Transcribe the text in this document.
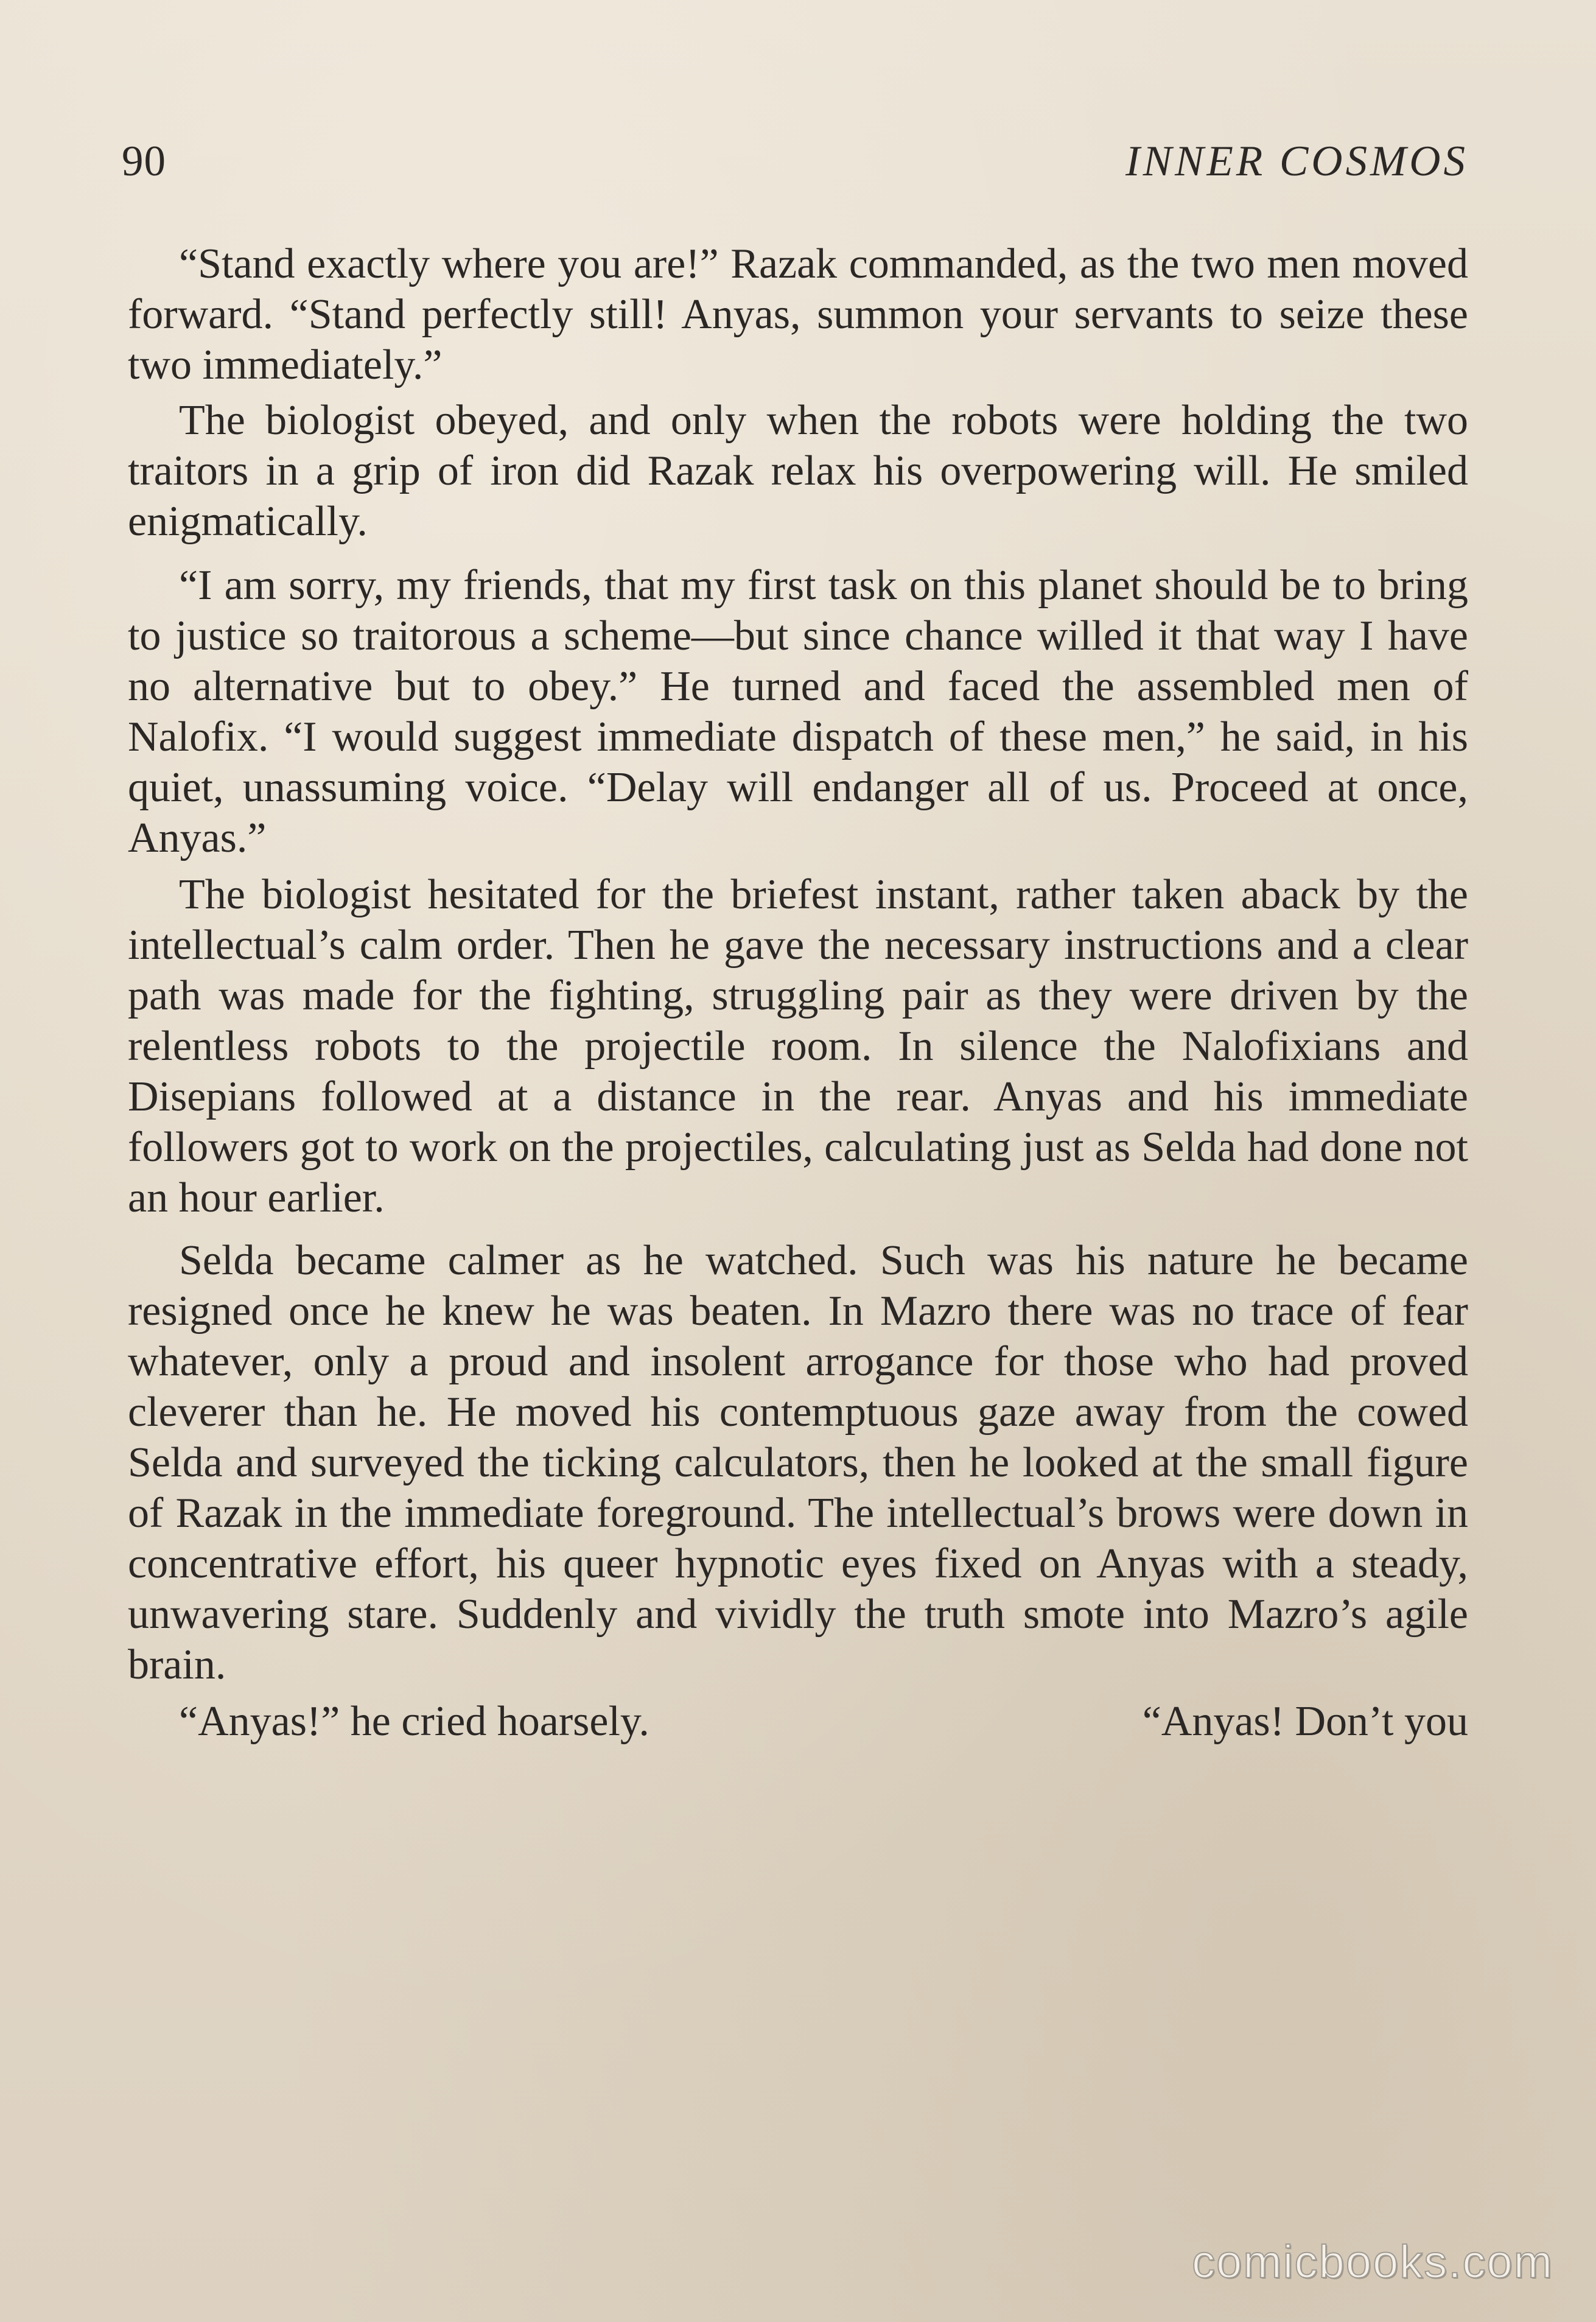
90	INNER COSMOS

“Stand exactly where you are!” Razak commanded, as the two men moved forward. “Stand perfectly still! Anyas, summon your servants to seize these two immediately.”

The biologist obeyed, and only when the robots were holding the two traitors in a grip of iron did Razak relax his overpowering will. He smiled enigmatically.

“I am sorry, my friends, that my first task on this planet should be to bring to justice so traitorous a scheme—but since chance willed it that way I have no alternative but to obey.” He turned and faced the assembled men of Nalofix. “I would suggest immediate dispatch of these men,” he said, in his quiet, unassuming voice. “Delay will endanger all of us. Proceed at once, Anyas.”

The biologist hesitated for the briefest instant, rather taken aback by the intellectual’s calm order. Then he gave the necessary instructions and a clear path was made for the fighting, struggling pair as they were driven by the relentless robots to the projectile room. In silence the Nalofixians and Disepians followed at a distance in the rear. Anyas and his immediate followers got to work on the projectiles, calculating just as Selda had done not an hour earlier.

Selda became calmer as he watched. Such was his nature he became resigned once he knew he was beaten. In Mazro there was no trace of fear whatever, only a proud and insolent arrogance for those who had proved cleverer than he. He moved his contemptuous gaze away from the cowed Selda and surveyed the ticking calculators, then he looked at the small figure of Razak in the immediate foreground. The intellectual’s brows were down in concentrative effort, his queer hypnotic eyes fixed on Anyas with a steady, unwavering stare. Suddenly and vividly the truth smote into Mazro’s agile brain.

“Anyas!” he cried hoarsely.	“Anyas! Don’t you

comicbooks.com
